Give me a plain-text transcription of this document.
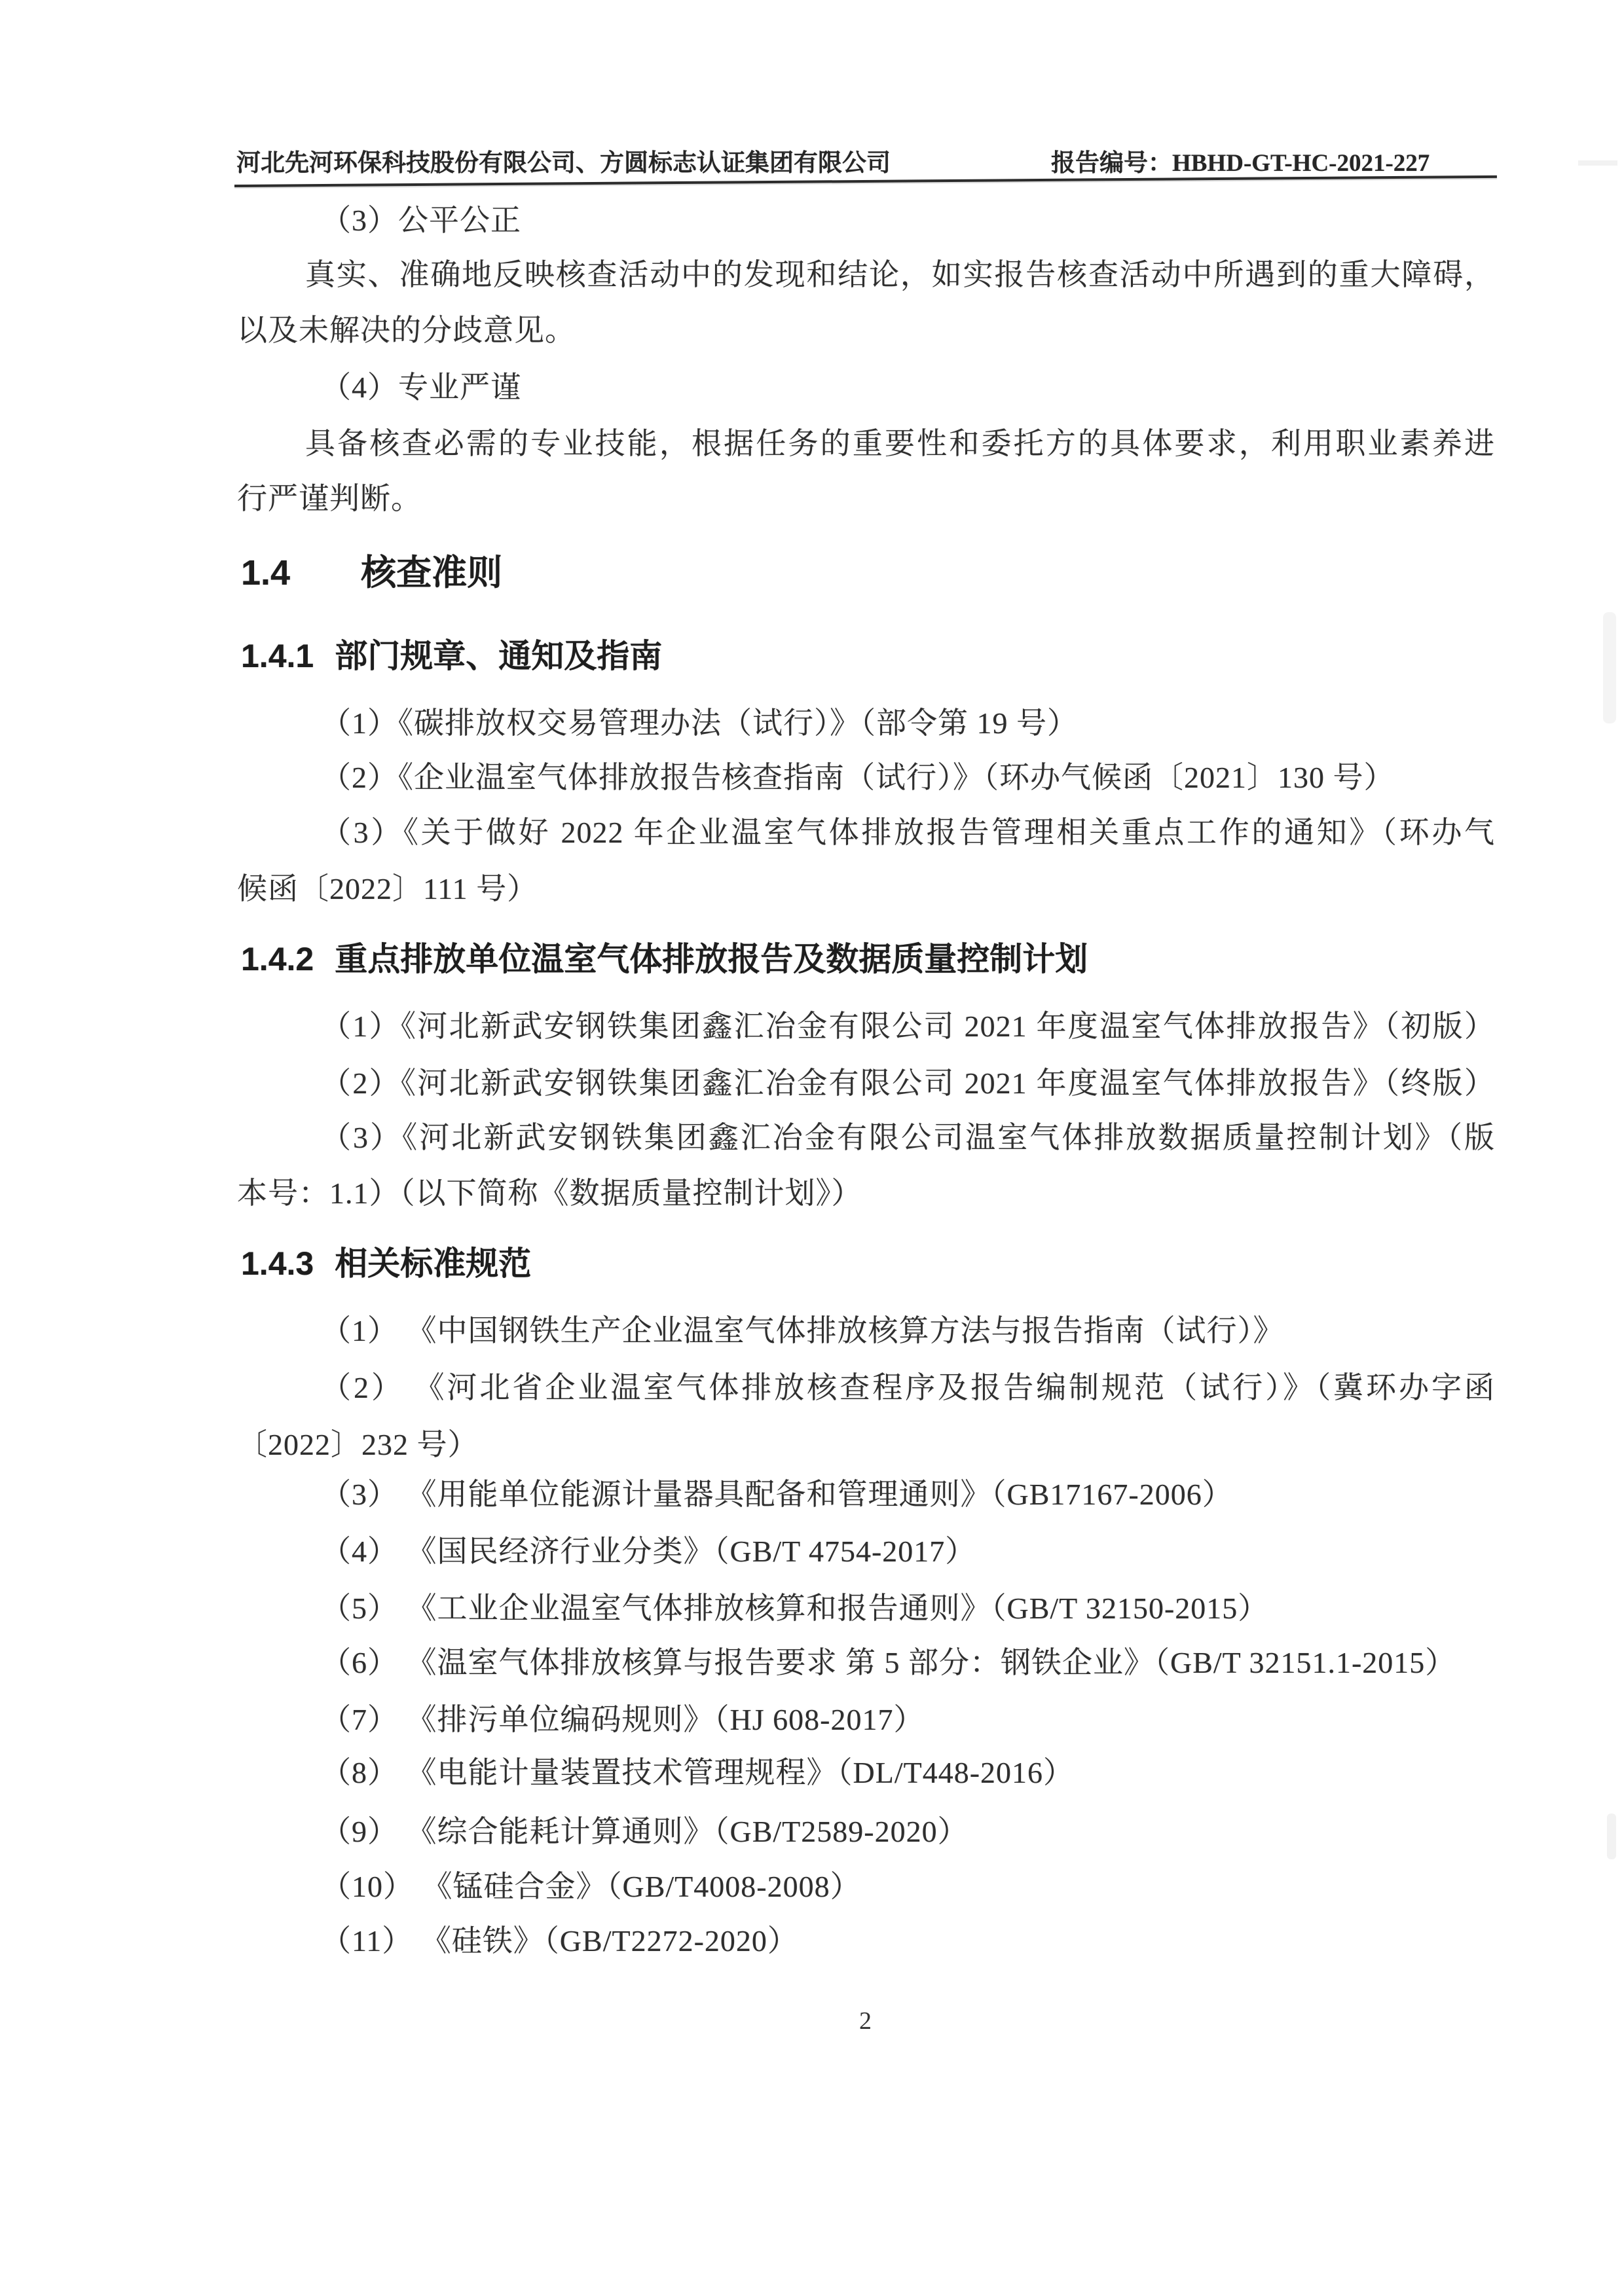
河北先河环保科技股份有限公司、方圆标志认证集团有限公司	报告编号：HBHD-GT-HC-2021-227
（3）公平公正
真实、准确地反映核查活动中的发现和结论，如实报告核查活动中所遇到的重大障碍，
以及未解决的分歧意见。
（4）专业严谨
具备核查必需的专业技能，根据任务的重要性和委托方的具体要求，利用职业素养进
行严谨判断。
1.4 核查准则
1.4.1 部门规章、通知及指南
（1）《碳排放权交易管理办法（试行）》（部令第 19 号）
（2）《企业温室气体排放报告核查指南（试行）》（环办气候函〔2021〕130 号）
（3）《关于做好 2022 年企业温室气体排放报告管理相关重点工作的通知》（环办气
候函〔2022〕111 号）
1.4.2 重点排放单位温室气体排放报告及数据质量控制计划
（1）《河北新武安钢铁集团鑫汇冶金有限公司 2021 年度温室气体排放报告》（初版）
（2）《河北新武安钢铁集团鑫汇冶金有限公司 2021 年度温室气体排放报告》（终版）
（3）《河北新武安钢铁集团鑫汇冶金有限公司温室气体排放数据质量控制计划》（版
本号：1.1）（以下简称《数据质量控制计划》）
1.4.3 相关标准规范
（1） 《中国钢铁生产企业温室气体排放核算方法与报告指南（试行）》
（2） 《河北省企业温室气体排放核查程序及报告编制规范（试行）》（冀环办字函
〔2022〕232 号）
（3） 《用能单位能源计量器具配备和管理通则》（GB17167-2006）
（4） 《国民经济行业分类》（GB/T 4754-2017）
（5） 《工业企业温室气体排放核算和报告通则》（GB/T 32150-2015）
（6） 《温室气体排放核算与报告要求 第 5 部分：钢铁企业》（GB/T 32151.1-2015）
（7） 《排污单位编码规则》（HJ 608-2017）
（8） 《电能计量装置技术管理规程》（DL/T448-2016）
（9） 《综合能耗计算通则》（GB/T2589-2020）
（10） 《锰硅合金》（GB/T4008-2008）
（11） 《硅铁》（GB/T2272-2020）
2
